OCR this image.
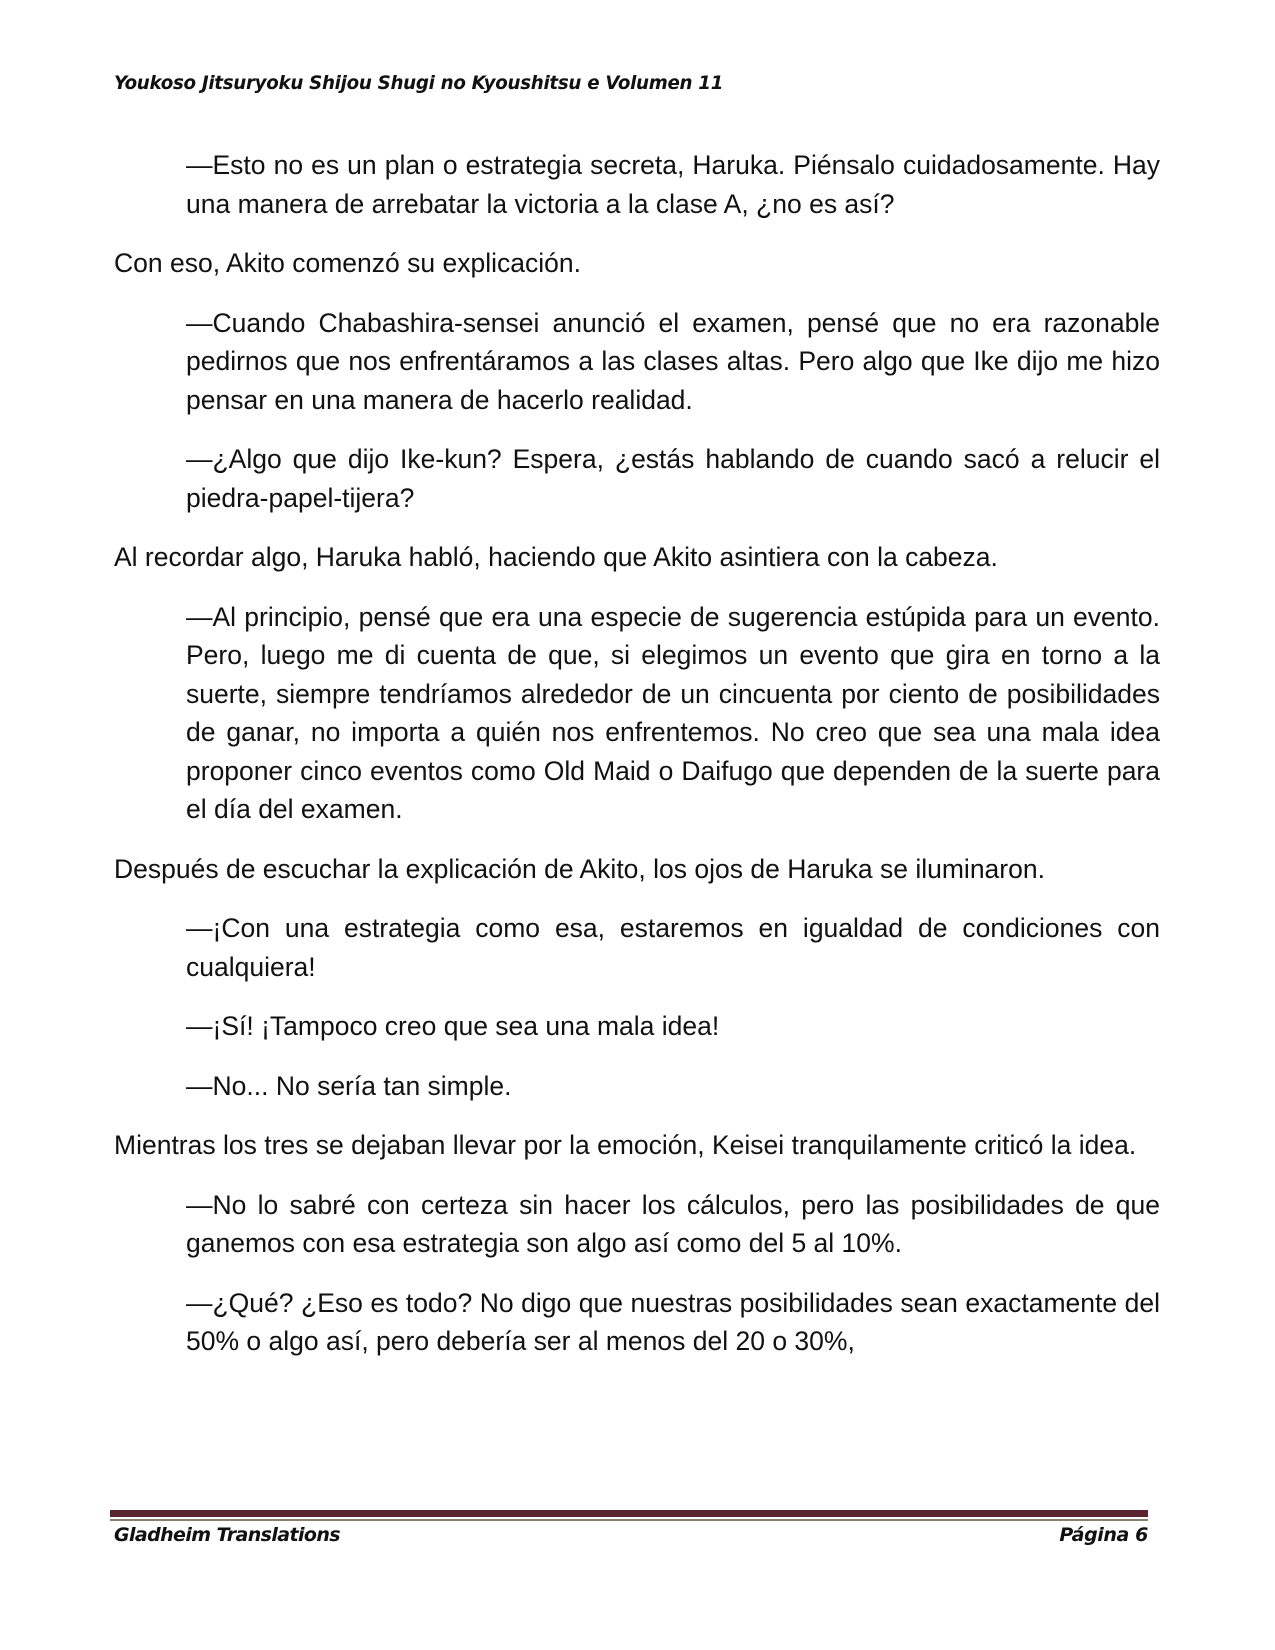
Youkoso Jitsuryoku Shijou Shugi no Kyoushitsu e Volumen 11

—Esto no es un plan o estrategia secreta, Haruka. Piénsalo cuidadosamente. Hay una manera de arrebatar la victoria a la clase A, ¿no es así?

Con eso, Akito comenzó su explicación.

—Cuando Chabashira-sensei anunció el examen, pensé que no era razonable pedirnos que nos enfrentáramos a las clases altas. Pero algo que Ike dijo me hizo pensar en una manera de hacerlo realidad.

—¿Algo que dijo Ike-kun? Espera, ¿estás hablando de cuando sacó a relucir el piedra-papel-tijera?

Al recordar algo, Haruka habló, haciendo que Akito asintiera con la cabeza.

—Al principio, pensé que era una especie de sugerencia estúpida para un evento. Pero, luego me di cuenta de que, si elegimos un evento que gira en torno a la suerte, siempre tendríamos alrededor de un cincuenta por ciento de posibilidades de ganar, no importa a quién nos enfrentemos. No creo que sea una mala idea proponer cinco eventos como Old Maid o Daifugo que dependen de la suerte para el día del examen.

Después de escuchar la explicación de Akito, los ojos de Haruka se iluminaron.

—¡Con una estrategia como esa, estaremos en igualdad de condiciones con cualquiera!

—¡Sí! ¡Tampoco creo que sea una mala idea!

—No... No sería tan simple.

Mientras los tres se dejaban llevar por la emoción, Keisei tranquilamente criticó la idea.

—No lo sabré con certeza sin hacer los cálculos, pero las posibilidades de que ganemos con esa estrategia son algo así como del 5 al 10%.

—¿Qué? ¿Eso es todo? No digo que nuestras posibilidades sean exactamente del 50% o algo así, pero debería ser al menos del 20 o 30%,

Gladheim Translations	Página 6
